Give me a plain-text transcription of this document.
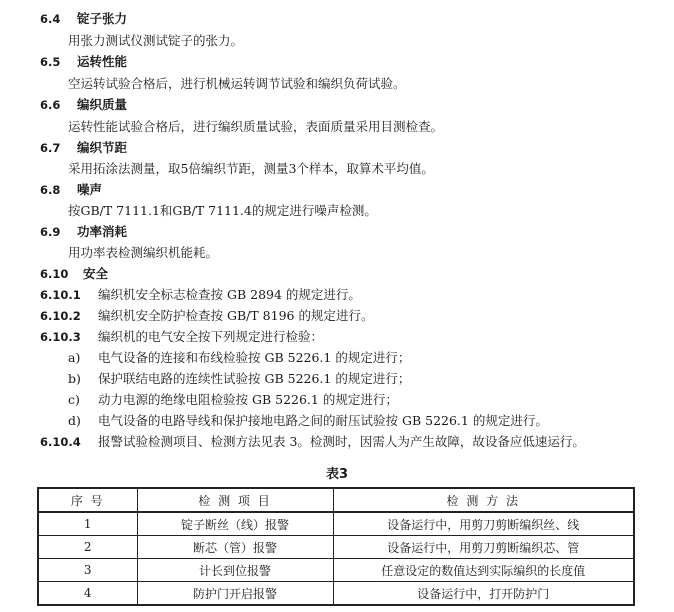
6.4 锭子张力
用张力测试仪测试锭子的张力。
6.5 运转性能
空运转试验合格后，进行机械运转调节试验和编织负荷试验。
6.6 编织质量
运转性能试验合格后，进行编织质量试验，表面质量采用目测检查。
6.7 编织节距
采用拓涂法测量，取5倍编织节距，测量3个样本，取算术平均值。
6.8 噪声
按GB/T 7111.1和GB/T 7111.4的规定进行噪声检测。
6.9 功率消耗
用功率表检测编织机能耗。
6.10 安全
6.10.1 编织机安全标志检查按 GB 2894 的规定进行。
6.10.2 编织机安全防护检查按 GB/T 8196 的规定进行。
6.10.3 编织机的电气安全按下列规定进行检验：
a) 电气设备的连接和布线检验按 GB 5226.1 的规定进行；
b) 保护联结电路的连续性试验按 GB 5226.1 的规定进行；
c) 动力电源的绝缘电阻检验按 GB 5226.1 的规定进行；
d) 电气设备的电路导线和保护接地电路之间的耐压试验按 GB 5226.1 的规定进行。
6.10.4 报警试验检测项目、检测方法见表 3。检测时，因需人为产生故障，故设备应低速运行。
表3
序 号	检 测 项 目	检 测 方 法
1	锭子断丝（线）报警	设备运行中，用剪刀剪断编织丝、线
2	断芯（管）报警	设备运行中，用剪刀剪断编织芯、管
3	计长到位报警	任意设定的数值达到实际编织的长度值
4	防护门开启报警	设备运行中，打开防护门
